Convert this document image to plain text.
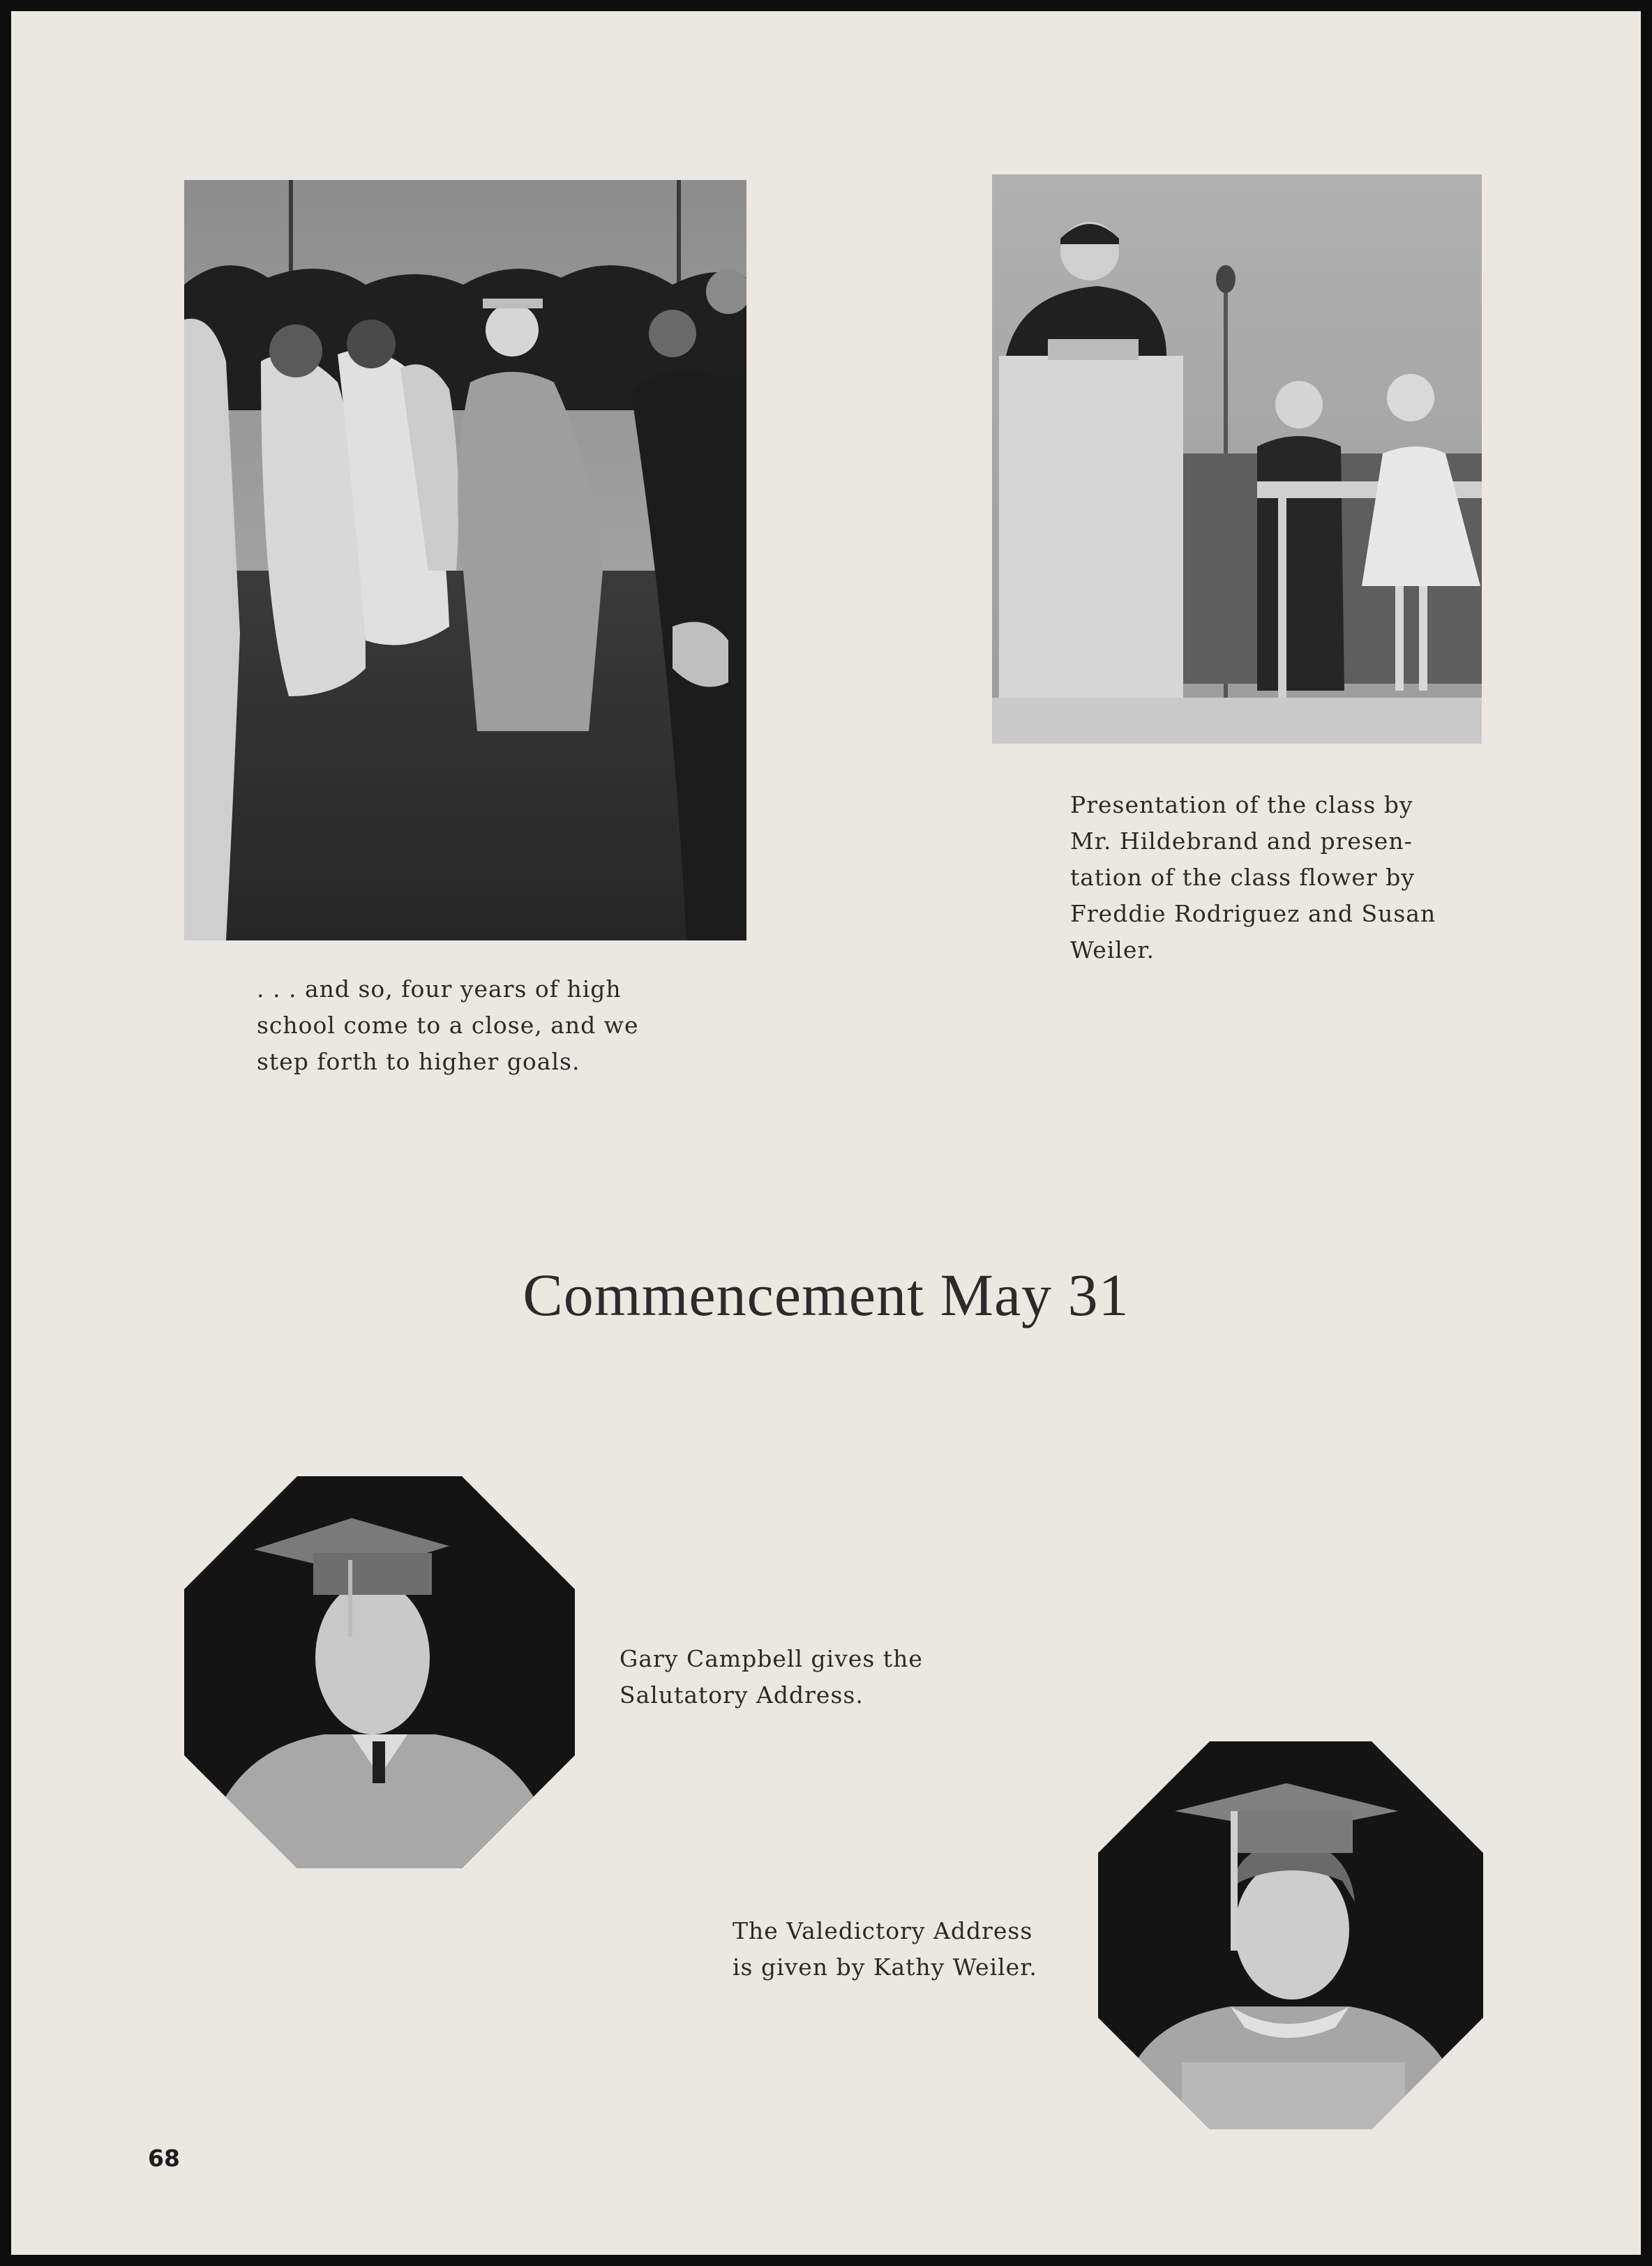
. . . and so, four years of high
school come to a close, and we
step forth to higher goals.
Presentation of the class by
Mr. Hildebrand and presen-
tation of the class flower by
Freddie Rodriguez and Susan
Weiler.
Commencement May 31
Gary Campbell gives the
Salutatory Address.
The Valedictory Address
is given by Kathy Weiler.
68
